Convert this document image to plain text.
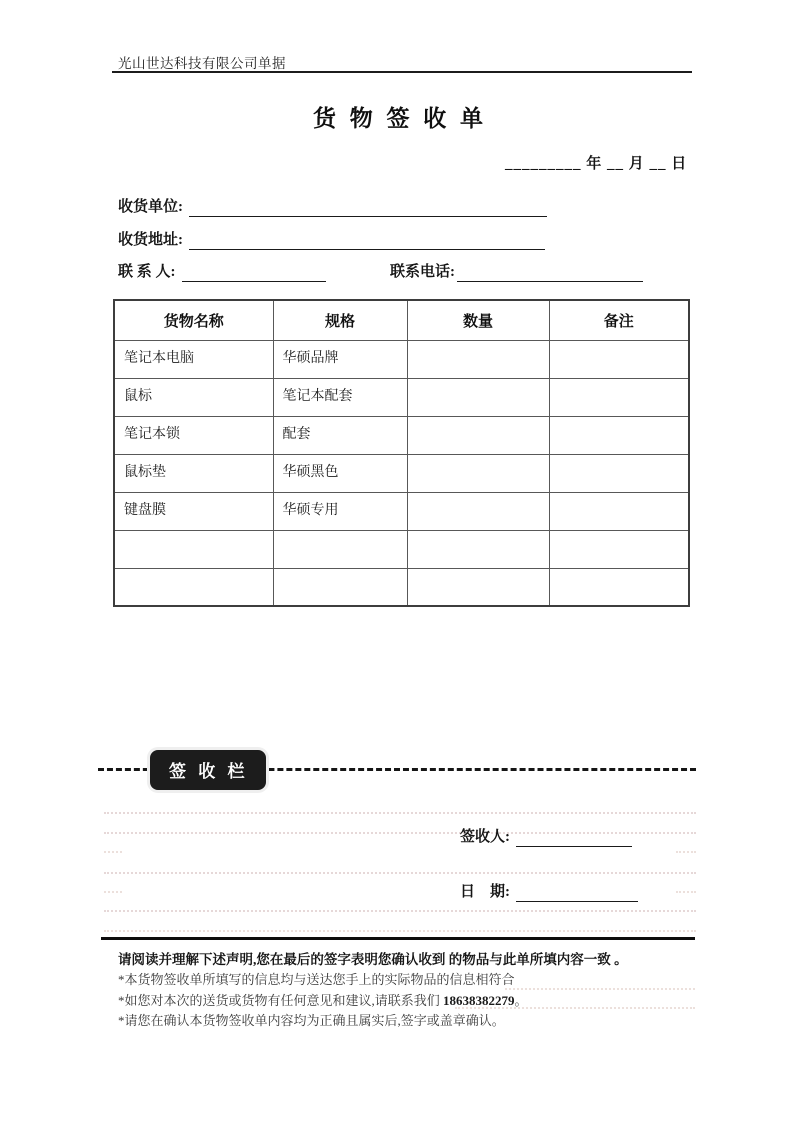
光山世达科技有限公司单据
货 物 签 收 单
_________ 年 __ 月 __ 日
收货单位:
收货地址:
联 系 人:	联系电话:
货物名称	规格	数量	备注
笔记本电脑	华硕品牌		
鼠标	笔记本配套		
笔记本锁	配套		
鼠标垫	华硕黑色		
键盘膜	华硕专用		

签 收 栏
签收人:
日　期:
请阅读并理解下述声明,您在最后的签字表明您确认收到 的物品与此单所填内容一致 。
*本货物签收单所填写的信息均与送达您手上的实际物品的信息相符合
*如您对本次的送货或货物有任何意见和建议,请联系我们 18638382279。
*请您在确认本货物签收单内容均为正确且属实后,签字或盖章确认。
